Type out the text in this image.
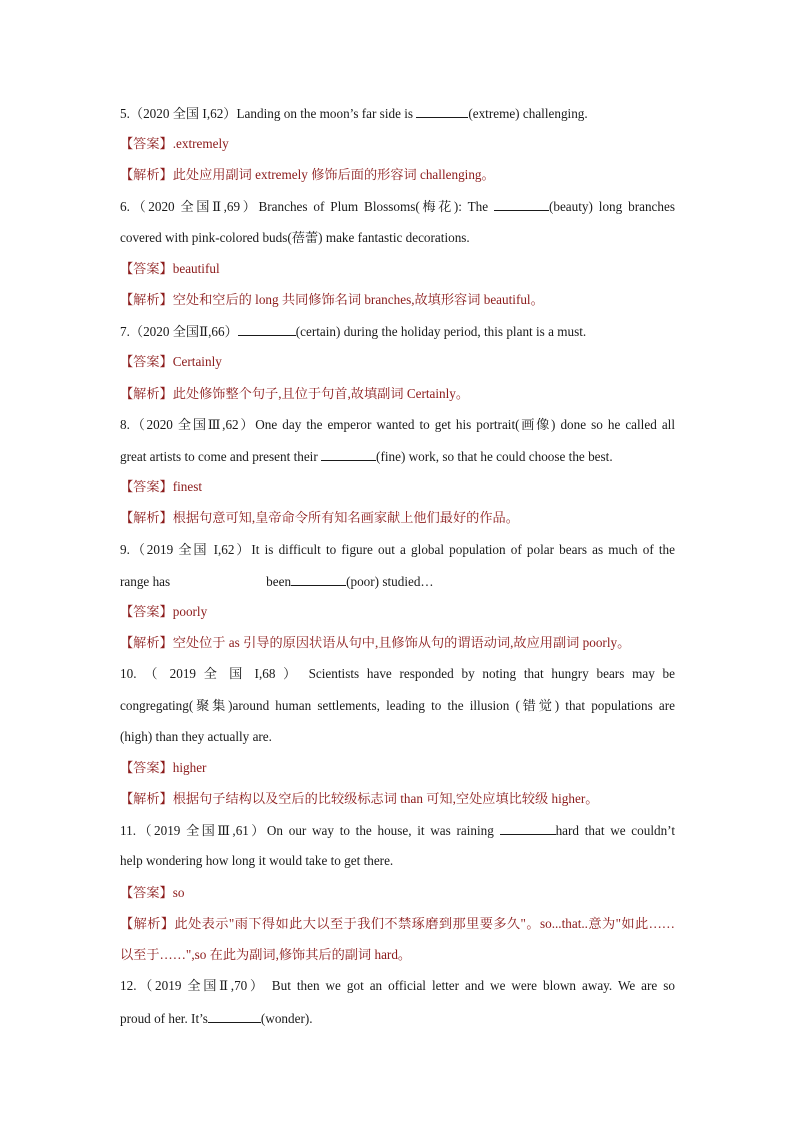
5.（2020 全国 I,62）Landing on the moon’s far side is	(extreme) challenging.
【答案】.extremely
【解析】此处应用副词 extremely 修饰后面的形容词 challenging。
6.（2020 全国Ⅱ,69）Branches of Plum Blossoms(梅花): The	(beauty) long branches
covered with pink-colored buds(蓓蕾) make fantastic decorations.
【答案】beautiful
【解析】空处和空后的 long 共同修饰名词 branches,故填形容词 beautiful。
7.（2020 全国Ⅱ,66）	(certain) during the holiday period, this plant is a must.
【答案】Certainly
【解析】此处修饰整个句子,且位于句首,故填副词 Certainly。
8.（2020 全国Ⅲ,62）One day the emperor wanted to get his portrait(画像) done so he called all
great artists to come and present their	(fine) work, so that he could choose the best.
【答案】finest
【解析】根据句意可知,皇帝命令所有知名画家献上他们最好的作品。
9.（2019 全国 I,62）It is difficult to figure out a global population of polar bears as much of the
range has	been	(poor) studied…
【答案】poorly
【解析】空处位于 as 引导的原因状语从句中,且修饰从句的谓语动词,故应用副词 poorly。
10. （ 2019 全 国 I,68 ） Scientists have responded by noting that hungry bears may be
congregating(聚集)around human settlements, leading to the illusion (错觉) that populations are
(high) than they actually are.
【答案】higher
【解析】根据句子结构以及空后的比较级标志词 than 可知,空处应填比较级 higher。
11.（2019 全国Ⅲ,61）On our way to the house, it was raining	hard that we couldn’t
help wondering how long it would take to get there.
【答案】so
【解析】此处表示"雨下得如此大以至于我们不禁琢磨到那里要多久"。so...that..意为"如此……
以至于……",so 在此为副词,修饰其后的副词 hard。
12.（2019 全国Ⅱ,70） But then we got an official letter and we were blown away. We are so
proud of her. It’s	(wonder).
